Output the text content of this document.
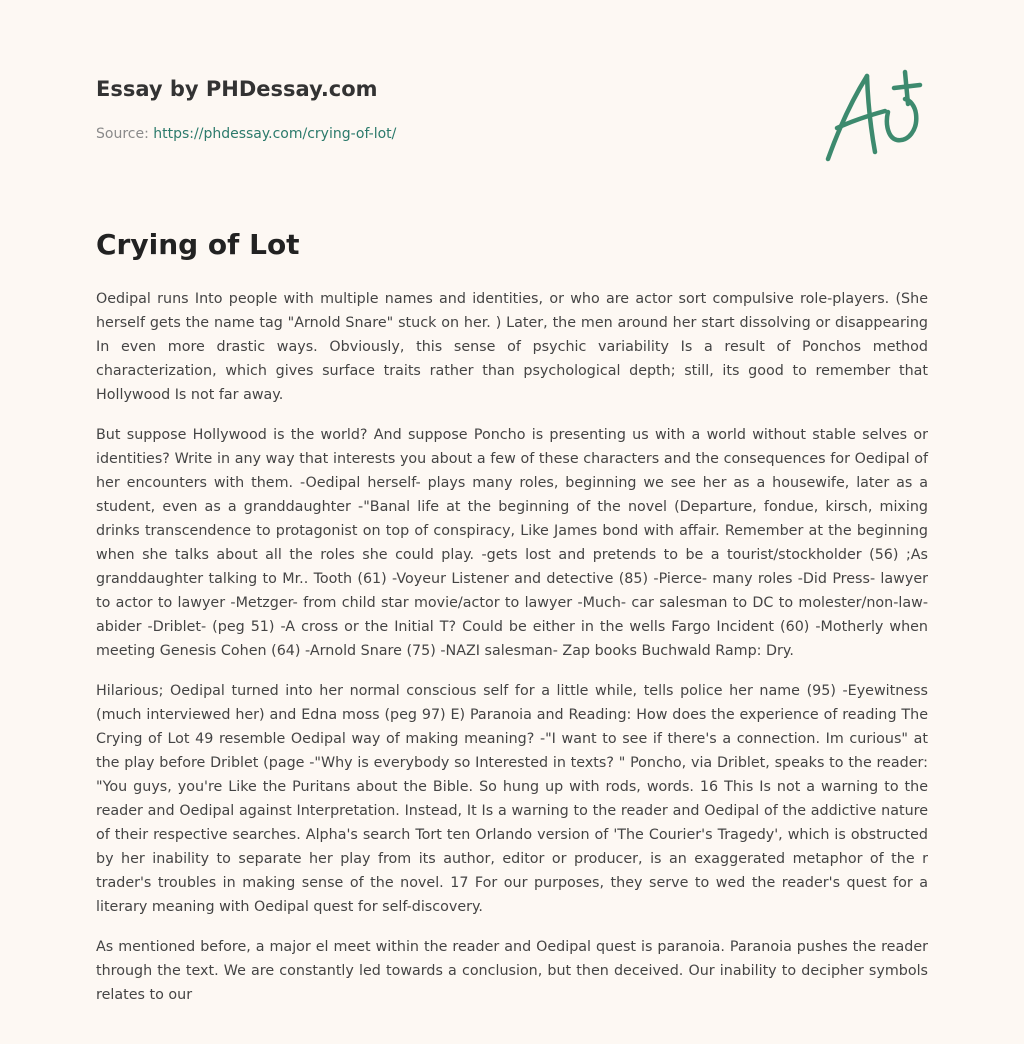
Essay by PHDessay.com
Source: https://phdessay.com/crying-of-lot/
Crying of Lot

Oedipal runs Into people with multiple names and identities, or who are actor sort compulsive role-players. (She herself gets the name tag "Arnold Snare" stuck on her. ) Later, the men around her start dissolving or disappearing In even more drastic ways. Obviously, this sense of psychic variability Is a result of Ponchos method characterization, which gives surface traits rather than psychological depth; still, its good to remember that Hollywood Is not far away.

But suppose Hollywood is the world? And suppose Poncho is presenting us with a world without stable selves or identities? Write in any way that interests you about a few of these characters and the consequences for Oedipal of her encounters with them. -Oedipal herself- plays many roles, beginning we see her as a housewife, later as a student, even as a granddaughter -"Banal life at the beginning of the novel (Departure, fondue, kirsch, mixing drinks transcendence to protagonist on top of conspiracy, Like James bond with affair. Remember at the beginning when she talks about all the roles she could play. -gets lost and pretends to be a tourist/stockholder (56) ;As granddaughter talking to Mr.. Tooth (61) -Voyeur Listener and detective (85) -Pierce- many roles -Did Press- lawyer to actor to lawyer -Metzger- from child star movie/actor to lawyer -Much- car salesman to DC to molester/non-law-abider -Driblet- (peg 51) -A cross or the Initial T? Could be either in the wells Fargo Incident (60) -Motherly when meeting Genesis Cohen (64) -Arnold Snare (75) -NAZI salesman- Zap books Buchwald Ramp: Dry.

Hilarious; Oedipal turned into her normal conscious self for a little while, tells police her name (95) -Eyewitness (much interviewed her) and Edna moss (peg 97) E) Paranoia and Reading: How does the experience of reading The Crying of Lot 49 resemble Oedipal way of making meaning? -"I want to see if there's a connection. Im curious" at the play before Driblet (page -"Why is everybody so Interested in texts? " Poncho, via Driblet, speaks to the reader: "You guys, you're Like the Puritans about the Bible. So hung up with rods, words. 16 This Is not a warning to the reader and Oedipal against Interpretation. Instead, It Is a warning to the reader and Oedipal of the addictive nature of their respective searches. Alpha's search Tort ten Orlando version of 'The Courier's Tragedy', which is obstructed by her inability to separate her play from its author, editor or producer, is an exaggerated metaphor of the r trader's troubles in making sense of the novel. 17 For our purposes, they serve to wed the reader's quest for a literary meaning with Oedipal quest for self-discovery.

As mentioned before, a major el meet within the reader and Oedipal quest is paranoia. Paranoia pushes the reader through the text. We are constantly led towards a conclusion, but then deceived. Our inability to decipher symbols relates to our
